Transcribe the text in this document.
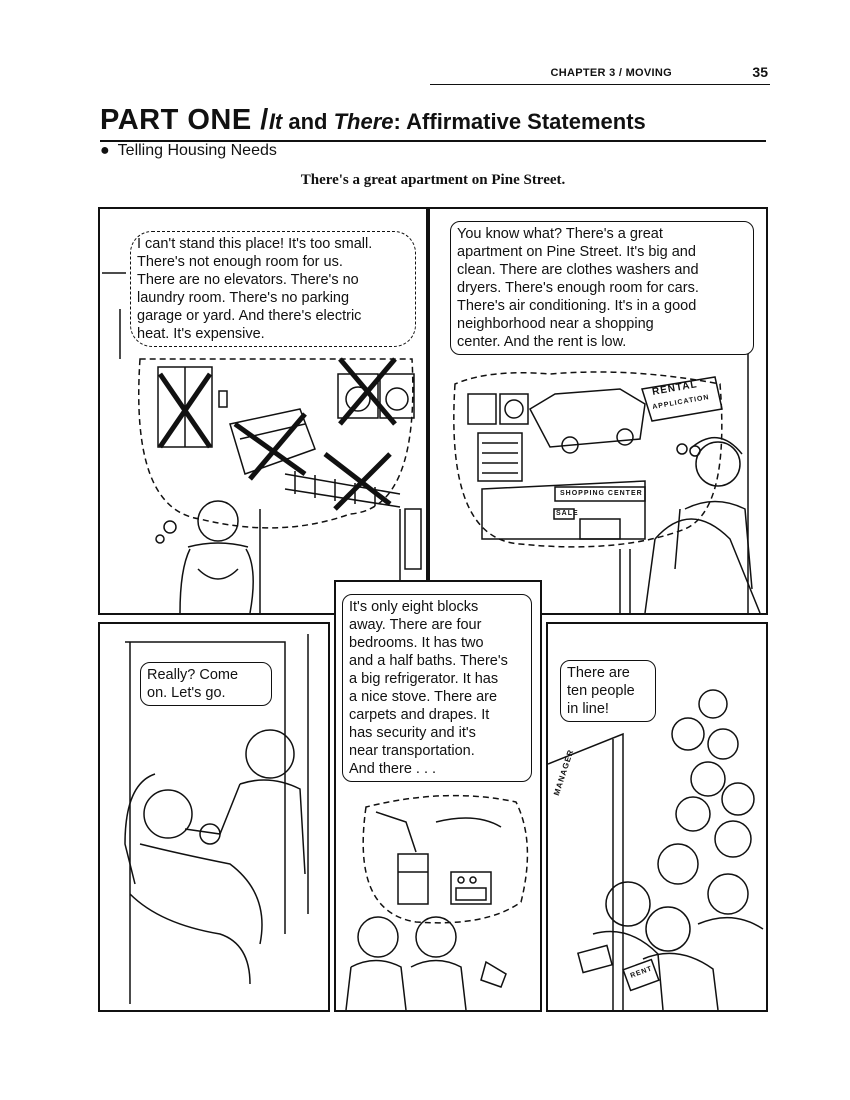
CHAPTER 3 / MOVING	35
PART ONE /It and There: Affirmative Statements
● Telling Housing Needs
There's a great apartment on Pine Street.
I can't stand this place! It's too small.
There's not enough room for us.
There are no elevators. There's no
laundry room. There's no parking
garage or yard. And there's electric
heat. It's expensive.
You know what? There's a great
apartment on Pine Street. It's big and
clean. There are clothes washers and
dryers. There's enough room for cars.
There's air conditioning. It's in a good
neighborhood near a shopping
center. And the rent is low.
RENTAL
APPLICATION
SHOPPING CENTER
SALE
Really? Come
on. Let's go.
It's only eight blocks
away. There are four
bedrooms. It has two
and a half baths. There's
a big refrigerator. It has
a nice stove. There are
carpets and drapes. It
has security and it's
near transportation.
And there . . .
There are
ten people
in line!
MANAGER
RENT
